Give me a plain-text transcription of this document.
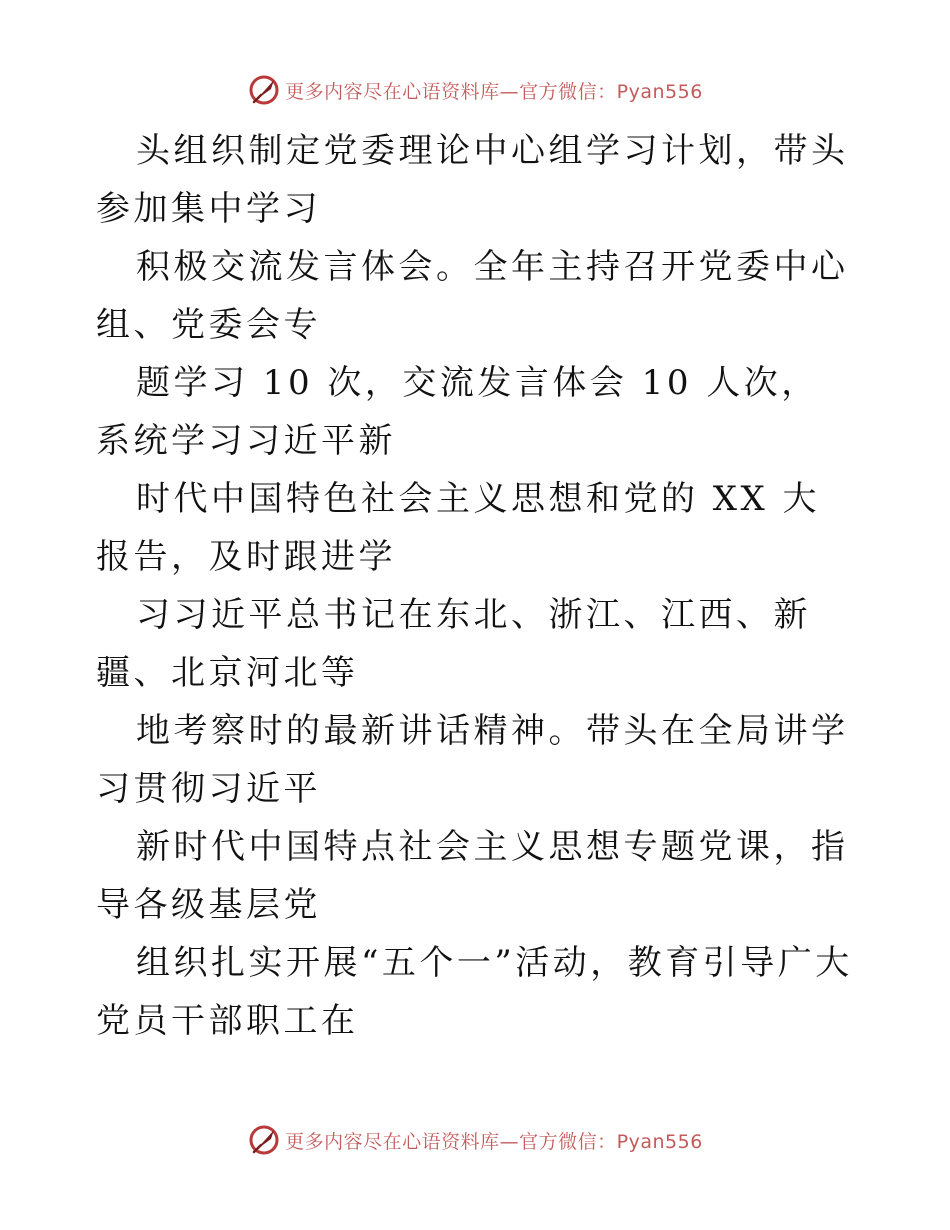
更多内容尽在心语资料库—官方微信：Pyan556

头组织制定党委理论中心组学习计划，带头参加集中学习

积极交流发言体会。全年主持召开党委中心组、党委会专

题学习 10 次，交流发言体会 10 人次，系统学习习近平新

时代中国特色社会主义思想和党的 XX 大报告，及时跟进学

习习近平总书记在东北、浙江、江西、新疆、北京河北等

地考察时的最新讲话精神。带头在全局讲学习贯彻习近平

新时代中国特点社会主义思想专题党课，指导各级基层党

组织扎实开展“五个一”活动，教育引导广大党员干部职工在

更多内容尽在心语资料库—官方微信：Pyan556
